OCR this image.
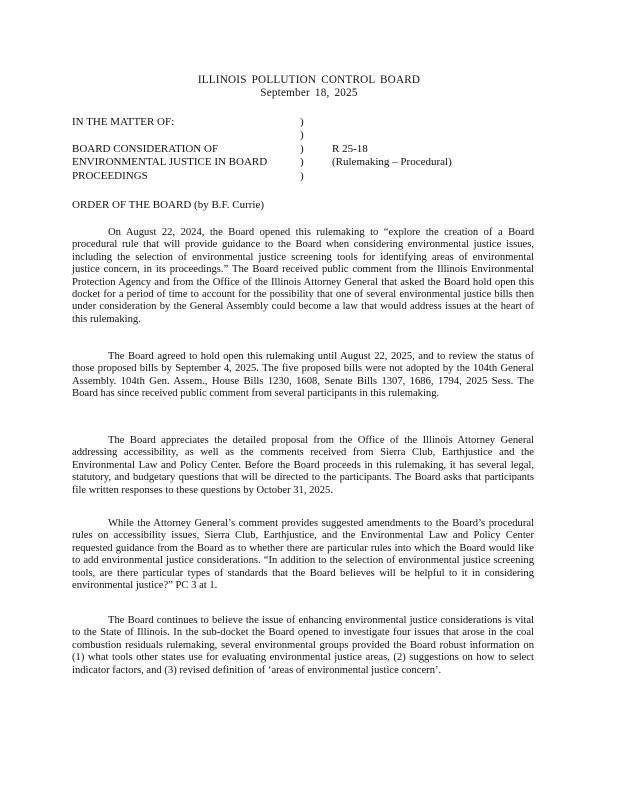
ILLINOIS POLLUTION CONTROL BOARD
September 18, 2025
IN THE MATTER OF:
BOARD CONSIDERATION OF
ENVIRONMENTAL JUSTICE IN BOARD
PROCEEDINGS
)
)
)
)
)
R 25-18
(Rulemaking – Procedural)
ORDER OF THE BOARD (by B.F. Currie)

On August 22, 2024, the Board opened this rulemaking to “explore the creation of a Board procedural rule that will provide guidance to the Board when considering environmental justice issues, including the selection of environmental justice screening tools for identifying areas of environmental justice concern, in its proceedings.” The Board received public comment from the Illinois Environmental Protection Agency and from the Office of the Illinois Attorney General that asked the Board hold open this docket for a period of time to account for the possibility that one of several environmental justice bills then under consideration by the General Assembly could become a law that would address issues at the heart of this rulemaking.

The Board agreed to hold open this rulemaking until August 22, 2025, and to review the status of those proposed bills by September 4, 2025. The five proposed bills were not adopted by the 104th General Assembly. 104th Gen. Assem., House Bills 1230, 1608, Senate Bills 1307, 1686, 1794, 2025 Sess. The Board has since received public comment from several participants in this rulemaking.

The Board appreciates the detailed proposal from the Office of the Illinois Attorney General addressing accessibility, as well as the comments received from Sierra Club, Earthjustice and the Environmental Law and Policy Center. Before the Board proceeds in this rulemaking, it has several legal, statutory, and budgetary questions that will be directed to the participants. The Board asks that participants file written responses to these questions by October 31, 2025.

While the Attorney General’s comment provides suggested amendments to the Board’s procedural rules on accessibility issues, Sierra Club, Earthjustice, and the Environmental Law and Policy Center requested guidance from the Board as to whether there are particular rules into which the Board would like to add environmental justice considerations. “In addition to the selection of environmental justice screening tools, are there particular types of standards that the Board believes will be helpful to it in considering environmental justice?” PC 3 at 1.

The Board continues to believe the issue of enhancing environmental justice considerations is vital to the State of Illinois. In the sub-docket the Board opened to investigate four issues that arose in the coal combustion residuals rulemaking, several environmental groups provided the Board robust information on (1) what tools other states use for evaluating environmental justice areas, (2) suggestions on how to select indicator factors, and (3) revised definition of ‘areas of environmental justice concern’.
